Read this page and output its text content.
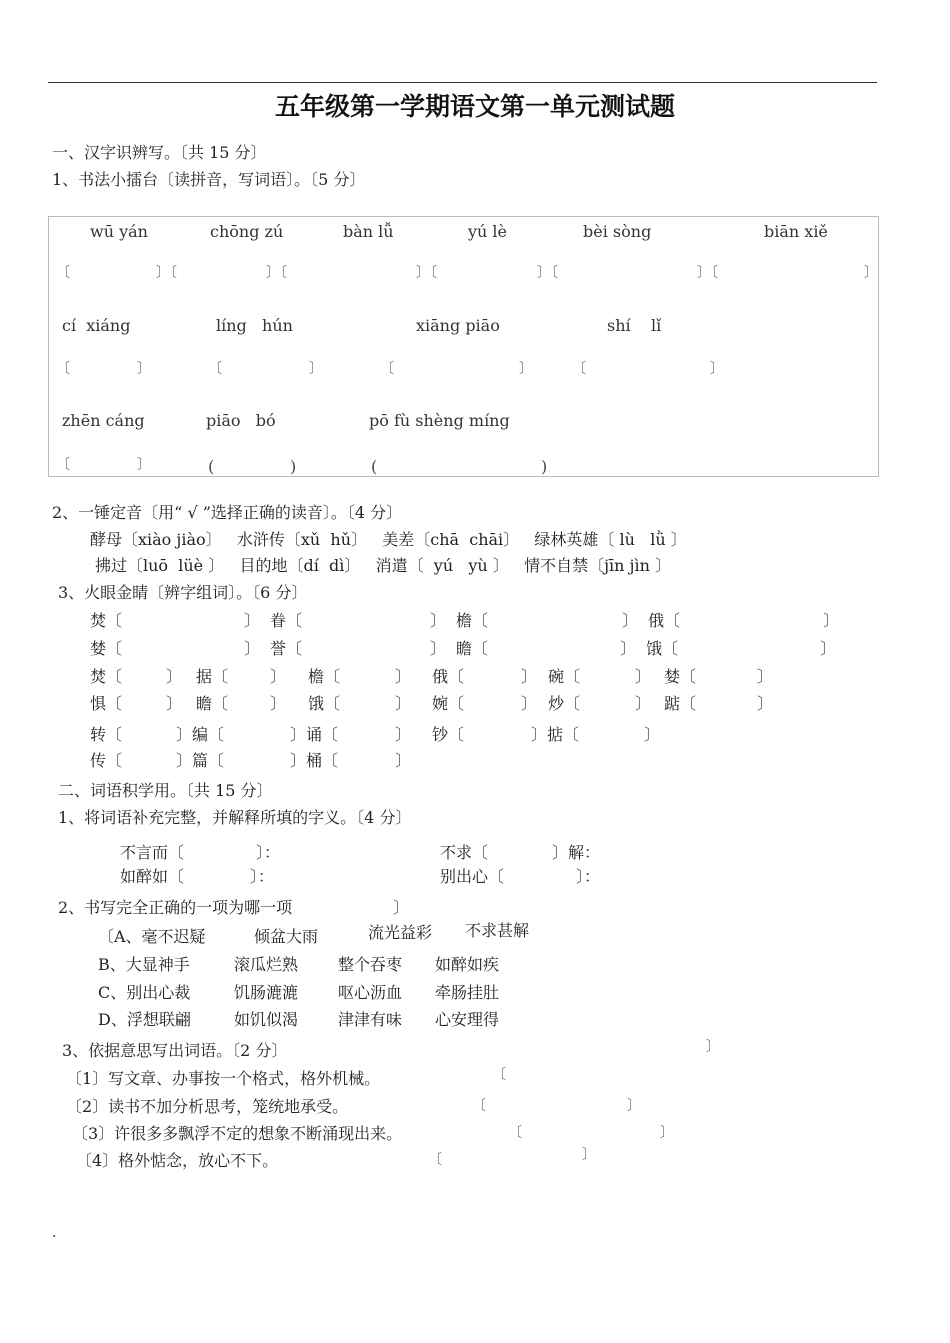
五年级第一学期语文第一单元测试题
一、汉字识辨写。〔共 15 分〕
1、书法小擂台〔读拼音，写词语〕。〔5 分〕
wū yán	chōng zú	bàn lǚ	yú lè	bèi sòng	biān xiě
〔	〕〔	〕〔	〕〔	〕〔	〕〔	〕
cí  xiáng	líng   hún	xiāng piāo	shí    lǐ
〔	〕	〔	〕	〔	〕	〔	〕
zhēn cáng	piāo   bó	pō fù shèng míng
〔	〕	(	)	(	)
2、一锤定音〔用“ √ ”选择正确的读音〕。〔4 分〕
酵母〔xiào jiào〕   水浒传〔xǔ  hǔ〕   美差〔chā  chāi〕   绿林英雄〔 lù   lǜ 〕
拂过〔luō  lüè 〕   目的地〔dí  dì〕   消遣〔  yú   yù 〕   情不自禁〔jīn jìn 〕
3、火眼金睛〔辨字组词〕。〔6 分〕
焚〔	〕 眷〔	〕 檐〔	〕 俄〔	〕
婪〔	〕 誉〔	〕 瞻〔	〕 饿〔	〕
焚〔	〕 据〔	〕 檐〔	〕 俄〔	〕 碗〔	〕 婪〔	〕
惧〔	〕 瞻〔	〕 饿〔	〕 婉〔	〕 炒〔	〕 踮〔	〕
转〔	〕编〔	〕诵〔	〕 钞〔	〕掂〔	〕
传〔	〕篇〔	〕桶〔	〕
二、词语积学用。〔共 15 分〕
1、将词语补充完整，并解释所填的字义。〔4 分〕
不言而〔	〕：	不求〔	〕解：
如醉如〔	〕：	别出心〔	〕：
2、书写完全正确的一项为哪一项	〕
〔A、毫不迟疑	倾盆大雨	流光益彩 不求甚解
B、大显神手	滚瓜烂熟 整个吞枣 如醉如疾
C、别出心裁	饥肠漉漉 呕心沥血 牵肠挂肚
D、浮想联翩	如饥似渴 津津有味 心安理得
3、依据意思写出词语。〔2 分〕	〕
〔1〕写文章、办事按一个格式，格外机械。	〔
〔2〕读书不加分析思考，笼统地承受。	〔	〕
〔3〕许很多多飘浮不定的想象不断涌现出来。	〔	〕
〔4〕格外惦念，放心不下。	〔	〕
.
